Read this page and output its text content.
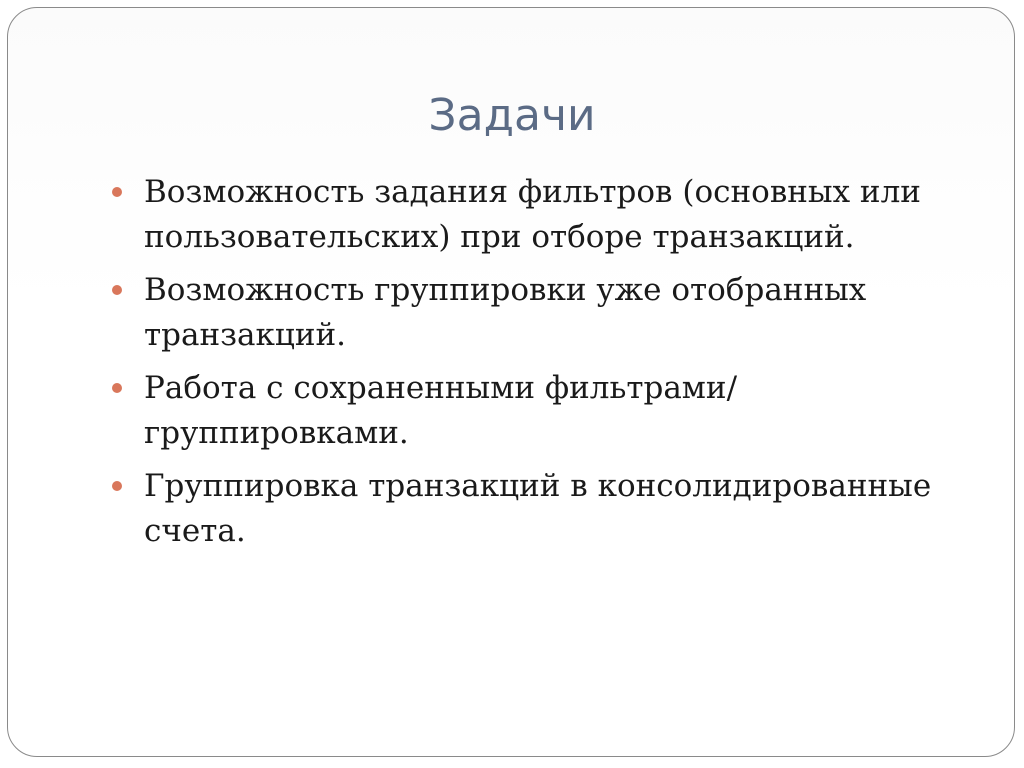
Задачи
Возможность задания фильтров (основных или пользовательских) при отборе транзакций.
Возможность группировки уже отобранных транзакций.
Работа с сохраненными фильтрами/ группировками.
Группировка транзакций в консолидированные счета.
